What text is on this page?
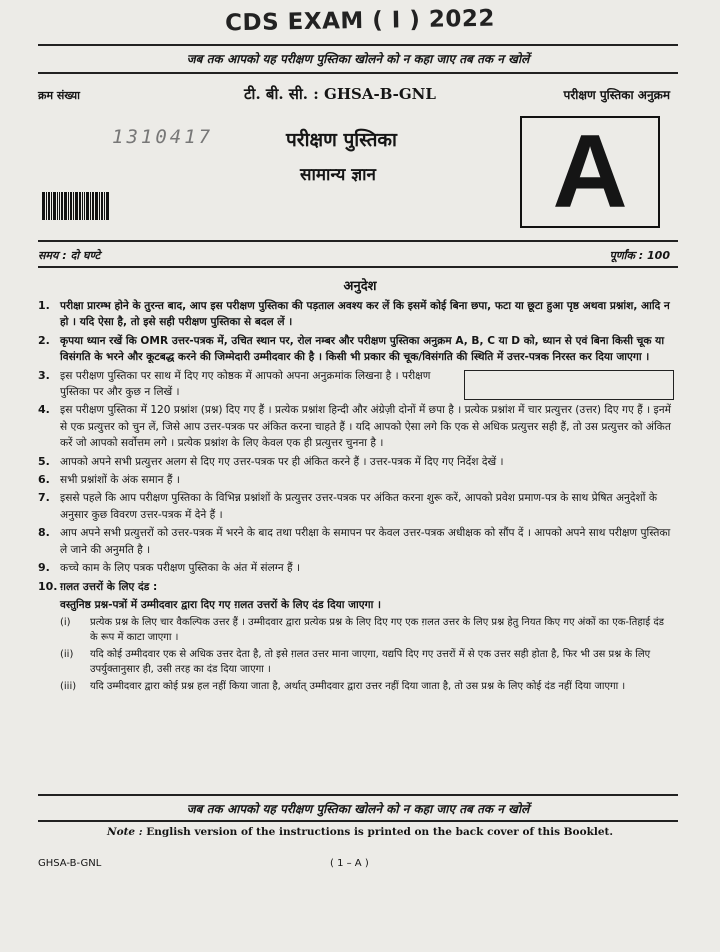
CDS EXAM ( I ) 2022
जब तक आपको यह परीक्षण पुस्तिका खोलने को न कहा जाए तब तक न खोलें
क्रम संख्या	टी. बी. सी. : GHSA-B-GNL	परीक्षण पुस्तिका अनुक्रम
1310417	परीक्षण पुस्तिका
सामान्य ज्ञान A
समय : दो घण्टे	पूर्णांक : 100
अनुदेश
1. परीक्षा प्रारम्भ होने के तुरन्त बाद, आप इस परीक्षण पुस्तिका की पड़ताल अवश्य कर लें कि इसमें कोई बिना छपा, फटा या छूटा हुआ पृष्ठ अथवा प्रश्नांश, आदि न हो । यदि ऐसा है, तो इसे सही परीक्षण पुस्तिका से बदल लें ।
2. कृपया ध्यान रखें कि OMR उत्तर-पत्रक में, उचित स्थान पर, रोल नम्बर और परीक्षण पुस्तिका अनुक्रम A, B, C या D को, ध्यान से एवं बिना किसी चूक या विसंगति के भरने और कूटबद्ध करने की जिम्मेदारी उम्मीदवार की है । किसी भी प्रकार की चूक/विसंगति की स्थिति में उत्तर-पत्रक निरस्त कर दिया जाएगा ।
3. इस परीक्षण पुस्तिका पर साथ में दिए गए कोष्ठक में आपको अपना अनुक्रमांक लिखना है । परीक्षण पुस्तिका पर और कुछ न लिखें ।
4. इस परीक्षण पुस्तिका में 120 प्रश्नांश (प्रश्न) दिए गए हैं । प्रत्येक प्रश्नांश हिन्दी और अंग्रेज़ी दोनों में छपा है । प्रत्येक प्रश्नांश में चार प्रत्युत्तर (उत्तर) दिए गए हैं । इनमें से एक प्रत्युत्तर को चुन लें, जिसे आप उत्तर-पत्रक पर अंकित करना चाहते हैं । यदि आपको ऐसा लगे कि एक से अधिक प्रत्युत्तर सही हैं, तो उस प्रत्युत्तर को अंकित करें जो आपको सर्वोत्तम लगे । प्रत्येक प्रश्नांश के लिए केवल एक ही प्रत्युत्तर चुनना है ।
5. आपको अपने सभी प्रत्युत्तर अलग से दिए गए उत्तर-पत्रक पर ही अंकित करने हैं । उत्तर-पत्रक में दिए गए निर्देश देखें ।
6. सभी प्रश्नांशों के अंक समान हैं ।
7. इससे पहले कि आप परीक्षण पुस्तिका के विभिन्न प्रश्नांशों के प्रत्युत्तर उत्तर-पत्रक पर अंकित करना शुरू करें, आपको प्रवेश प्रमाण-पत्र के साथ प्रेषित अनुदेशों के अनुसार कुछ विवरण उत्तर-पत्रक में देने हैं ।
8. आप अपने सभी प्रत्युत्तरों को उत्तर-पत्रक में भरने के बाद तथा परीक्षा के समापन पर केवल उत्तर-पत्रक अधीक्षक को सौंप दें । आपको अपने साथ परीक्षण पुस्तिका ले जाने की अनुमति है ।
9. कच्चे काम के लिए पत्रक परीक्षण पुस्तिका के अंत में संलग्न हैं ।
10. ग़लत उत्तरों के लिए दंड :
वस्तुनिष्ठ प्रश्न-पत्रों में उम्मीदवार द्वारा दिए गए ग़लत उत्तरों के लिए दंड दिया जाएगा ।
(i)	प्रत्येक प्रश्न के लिए चार वैकल्पिक उत्तर हैं । उम्मीदवार द्वारा प्रत्येक प्रश्न के लिए दिए गए एक ग़लत उत्तर के लिए प्रश्न हेतु नियत किए गए अंकों का एक-तिहाई दंड के रूप में काटा जाएगा ।
(ii)	यदि कोई उम्मीदवार एक से अधिक उत्तर देता है, तो इसे ग़लत उत्तर माना जाएगा, यद्यपि दिए गए उत्तरों में से एक उत्तर सही होता है, फिर भी उस प्रश्न के लिए उपर्युक्तानुसार ही, उसी तरह का दंड दिया जाएगा ।
(iii)	यदि उम्मीदवार द्वारा कोई प्रश्न हल नहीं किया जाता है, अर्थात् उम्मीदवार द्वारा उत्तर नहीं दिया जाता है, तो उस प्रश्न के लिए कोई दंड नहीं दिया जाएगा ।
जब तक आपको यह परीक्षण पुस्तिका खोलने को न कहा जाए तब तक न खोलें
Note : English version of the instructions is printed on the back cover of this Booklet.
GHSA-B-GNL	( 1 – A )
